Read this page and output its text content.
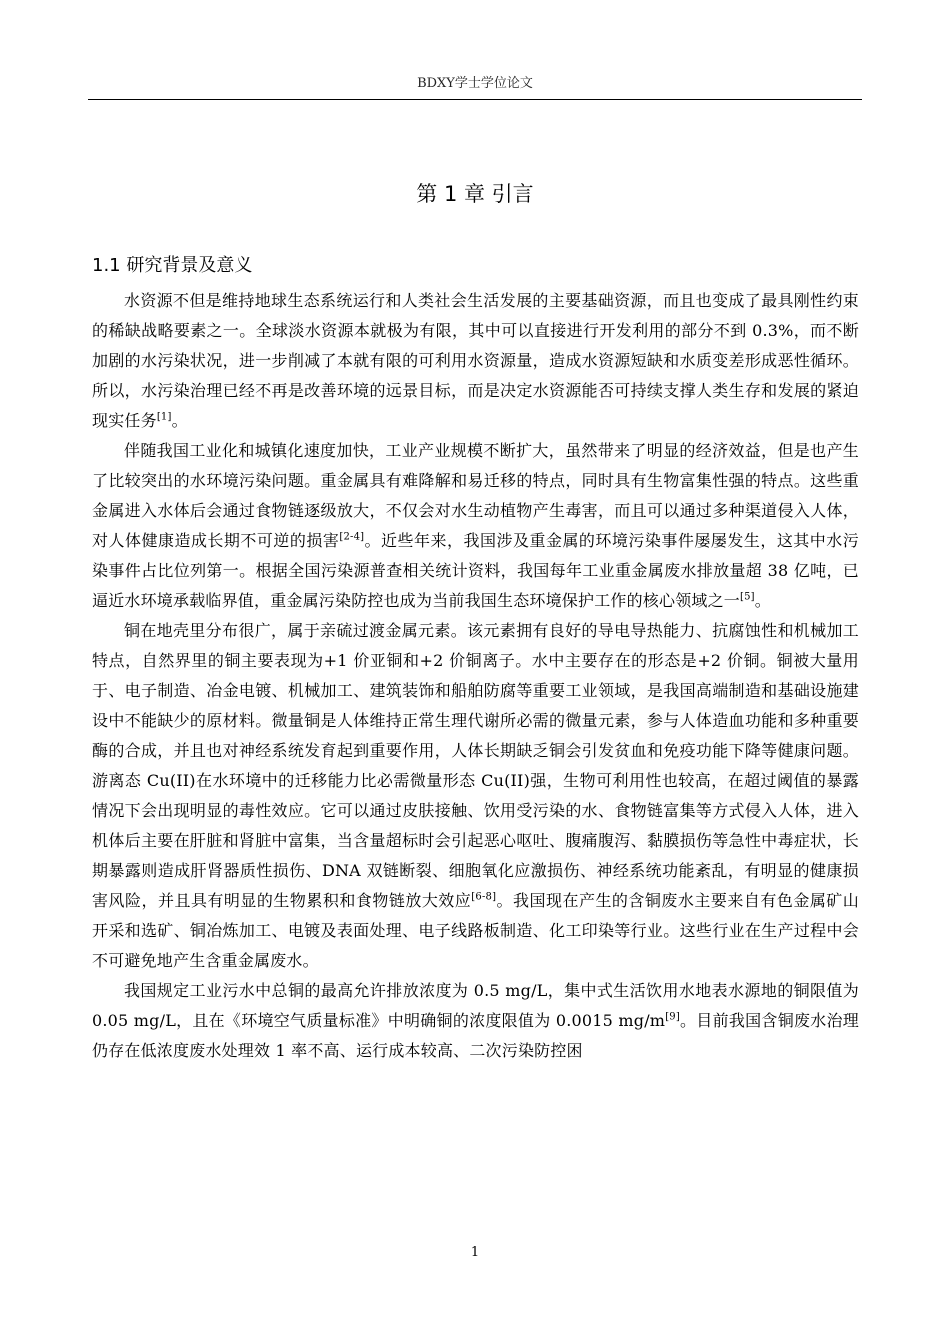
BDXY学士学位论文
第 1 章 引言
1.1 研究背景及意义

水资源不但是维持地球生态系统运行和人类社会生活发展的主要基础资源，而且也变成了最具刚性约束的稀缺战略要素之一。全球淡水资源本就极为有限，其中可以直接进行开发利用的部分不到 0.3%，而不断加剧的水污染状况，进一步削减了本就有限的可利用水资源量，造成水资源短缺和水质变差形成恶性循环。所以，水污染治理已经不再是改善环境的远景目标，而是决定水资源能否可持续支撑人类生存和发展的紧迫现实任务[1]。

伴随我国工业化和城镇化速度加快，工业产业规模不断扩大，虽然带来了明显的经济效益，但是也产生了比较突出的水环境污染问题。重金属具有难降解和易迁移的特点，同时具有生物富集性强的特点。这些重金属进入水体后会通过食物链逐级放大，不仅会对水生动植物产生毒害，而且可以通过多种渠道侵入人体，对人体健康造成长期不可逆的损害[2-4]。近些年来，我国涉及重金属的环境污染事件屡屡发生，这其中水污染事件占比位列第一。根据全国污染源普查相关统计资料，我国每年工业重金属废水排放量超 38 亿吨，已逼近水环境承载临界值，重金属污染防控也成为当前我国生态环境保护工作的核心领域之一[5]。

铜在地壳里分布很广，属于亲硫过渡金属元素。该元素拥有良好的导电导热能力、抗腐蚀性和机械加工特点，自然界里的铜主要表现为+1 价亚铜和+2 价铜离子。水中主要存在的形态是+2 价铜。铜被大量用于、电子制造、冶金电镀、机械加工、建筑装饰和船舶防腐等重要工业领域，是我国高端制造和基础设施建设中不能缺少的原材料。微量铜是人体维持正常生理代谢所必需的微量元素，参与人体造血功能和多种重要酶的合成，并且也对神经系统发育起到重要作用，人体长期缺乏铜会引发贫血和免疫功能下降等健康问题。游离态 Cu(II)在水环境中的迁移能力比必需微量形态 Cu(II)强，生物可利用性也较高，在超过阈值的暴露情况下会出现明显的毒性效应。它可以通过皮肤接触、饮用受污染的水、食物链富集等方式侵入人体，进入机体后主要在肝脏和肾脏中富集，当含量超标时会引起恶心呕吐、腹痛腹泻、黏膜损伤等急性中毒症状，长期暴露则造成肝肾器质性损伤、DNA 双链断裂、细胞氧化应激损伤、神经系统功能紊乱，有明显的健康损害风险，并且具有明显的生物累积和食物链放大效应[6-8]。我国现在产生的含铜废水主要来自有色金属矿山开采和选矿、铜冶炼加工、电镀及表面处理、电子线路板制造、化工印染等行业。这些行业在生产过程中会不可避免地产生含重金属废水。

我国规定工业污水中总铜的最高允许排放浓度为 0.5 mg/L，集中式生活饮用水地表水源地的铜限值为 0.05 mg/L，且在《环境空气质量标准》中明确铜的浓度限值为 0.0015 mg/m[9]。目前我国含铜废水治理仍存在低浓度废水处理效 1 率不高、运行成本较高、二次污染防控困

1
